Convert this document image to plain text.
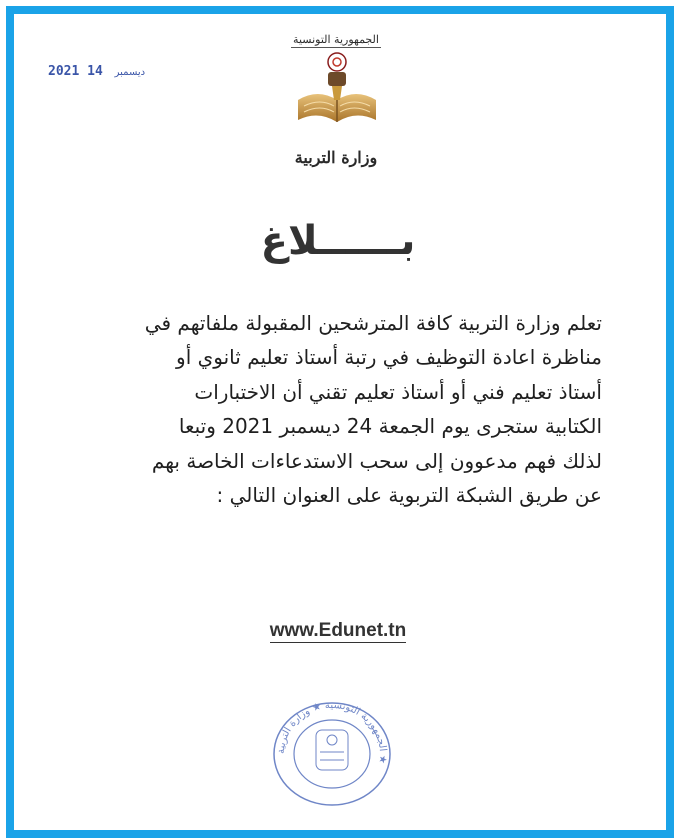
2021	ديسمبر 14
الجمهورية التونسية
وزارة التربية
بــــــلاغ
تعلم وزارة التربية كافة المترشحين المقبولة ملفاتهم في
مناظرة اعادة التوظيف في رتبة أستاذ تعليم ثانوي أو
أستاذ تعليم فني أو أستاذ تعليم تقني أن الاختبارات
الكتابية ستجرى يوم الجمعة 24 ديسمبر 2021 وتبعا
لذلك فهم مدعوون إلى سحب الاستدعاءات الخاصة بهم
عن طريق الشبكة التربوية على العنوان التالي :
www.Edunet.tn
الجمهورية التونسية ★ وزارة التربية ★
